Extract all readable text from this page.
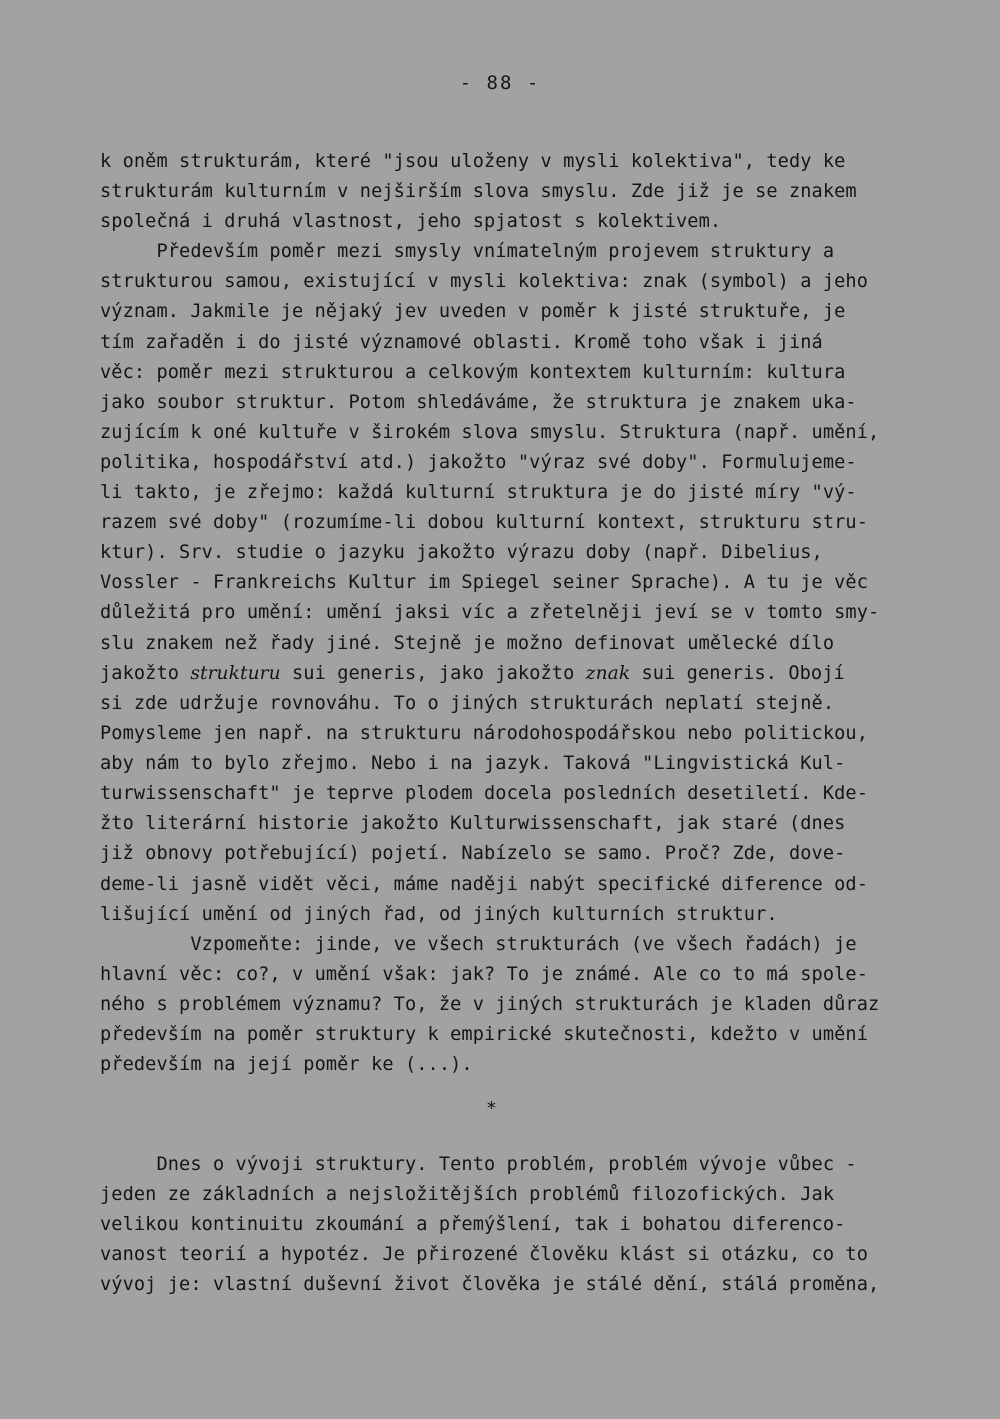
- 88 -
k oněm strukturám, které "jsou uloženy v mysli kolektiva", tedy ke
strukturám kulturním v nejširším slova smyslu. Zde již je se znakem
společná i druhá vlastnost, jeho spjatost s kolektivem.
Především poměr mezi smysly vnímatelným projevem struktury a
strukturou samou, existující v mysli kolektiva: znak (symbol) a jeho
význam. Jakmile je nějaký jev uveden v poměr k jisté struktuře, je
tím zařaděn i do jisté významové oblasti. Kromě toho však i jiná
věc: poměr mezi strukturou a celkovým kontextem kulturním: kultura
jako soubor struktur. Potom shledáváme, že struktura je znakem uka-
zujícím k oné kultuře v širokém slova smyslu. Struktura (např. umění,
politika, hospodářství atd.) jakožto "výraz své doby". Formulujeme-
li takto, je zřejmo: každá kulturní struktura je do jisté míry "vý-
razem své doby" (rozumíme-li dobou kulturní kontext, strukturu stru-
ktur). Srv. studie o jazyku jakožto výrazu doby (např. Dibelius,
Vossler - Frankreichs Kultur im Spiegel seiner Sprache). A tu je věc
důležitá pro umění: umění jaksi víc a zřetelněji jeví se v tomto smy-
slu znakem než řady jiné. Stejně je možno definovat umělecké dílo
jakožto strukturu sui generis, jako jakožto znak sui generis. Obojí
si zde udržuje rovnováhu. To o jiných strukturách neplatí stejně.
Pomysleme jen např. na strukturu národohospodářskou nebo politickou,
aby nám to bylo zřejmo. Nebo i na jazyk. Taková "Lingvistická Kul-
turwissenschaft" je teprve plodem docela posledních desetiletí. Kde-
žto literární historie jakožto Kulturwissenschaft, jak staré (dnes
již obnovy potřebující) pojetí. Nabízelo se samo. Proč? Zde, dove-
deme-li jasně vidět věci, máme naději nabýt specifické diference od-
lišující umění od jiných řad, od jiných kulturních struktur.
Vzpomeňte: jinde, ve všech strukturách (ve všech řadách) je
hlavní věc: co?, v umění však: jak? To je známé. Ale co to má spole-
ného s problémem významu? To, že v jiných strukturách je kladen důraz
především na poměr struktury k empirické skutečnosti, kdežto v umění
především na její poměr ke (...).
*
Dnes o vývoji struktury. Tento problém, problém vývoje vůbec -
jeden ze základních a nejsložitějších problémů filozofických. Jak
velikou kontinuitu zkoumání a přemýšlení, tak i bohatou diferenco-
vanost teorií a hypotéz. Je přirozené člověku klást si otázku, co to
vývoj je: vlastní duševní život člověka je stálé dění, stálá proměna,
